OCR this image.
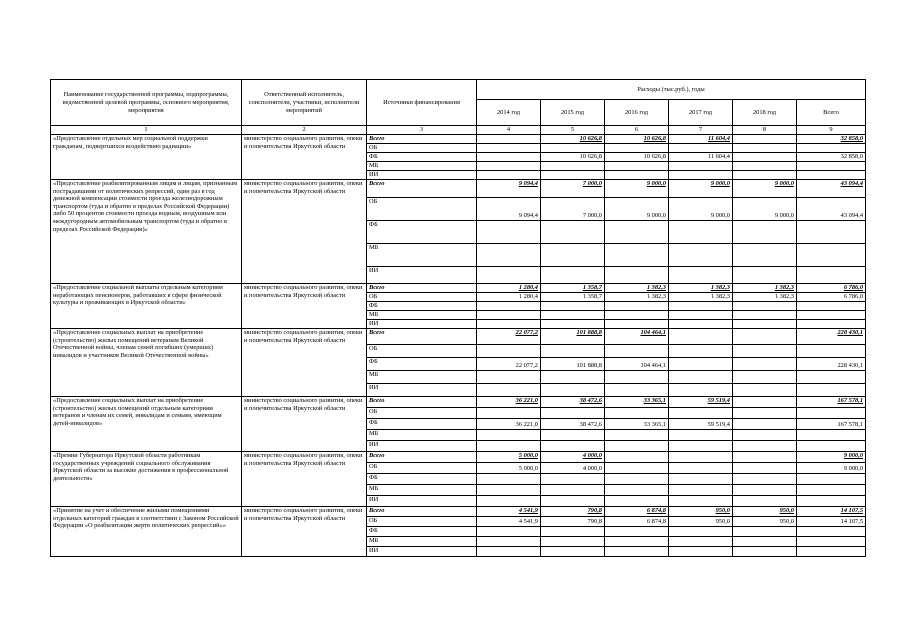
Наименование государственной программы, подпрограммы, ведомственной целевой программы, основного мероприятия, мероприятия	Ответственный исполнитель, соисполнители, участники, исполнители мероприятий	Источники финансирования	Расходы (тыс.руб.), годы					
			2014 год	2015 год	2016 год	2017 год	2018 год	Всего
1	2	3	4	5	6	7	8	9
«Предоставление отдельных мер социальной поддержки гражданам, подвергшихся воздействию радиации»	министерство социального развития, опеки и попечительства Иркутской области	Всего		10 626,8	10 626,8	11 604,4		32 858,0
		ОБ						
		ФБ		10 626,8	10 626,8	11 604,4		32 858,0
		МБ						
		ИИ						
«Предоставление реабилитированным лицам и лицам, признанным пострадавшими от политических репрессий, один раз в год денежной компенсации стоимости проезда железнодорожным транспортом (туда и обратно в пределах Российской Федерации) либо 50 процентов стоимости проезда водным, воздушным или междугородным автомобильным транспортом (туда и обратно в пределах Российской Федерации)»	министерство социального развития, опеки и попечительства Иркутской области	Всего	9 094,4	7 000,0	9 000,0	9 000,0	9 000,0	43 094,4
		ОБ	9 094,4	7 000,0	9 000,0	9 000,0	9 000,0	43 094,4
		ФБ						
		МБ						
		ИИ						
«Предоставление социальной выплаты отдельным категориям неработающих пенсионеров, работавших в сфере физической культуры и проживающих в Иркутской области»	министерство социального развития, опеки и попечительства Иркутской области	Всего	1 280,4	1 358,7	1 382,3	1 382,3	1 382,3	6 786,0
		ОБ	1 280,4	1 358,7	1 382,3	1 382,3	1 382,3	6 786,0
		ФБ						
		МБ						
		ИИ						
«Предоставление социальных выплат на приобретение (строительство) жилых помещений ветеранам Великой Отечественной войны, членам семей погибших (умерших) инвалидов и участников Великой Отечественной войны»	министерство социального развития, опеки и попечительства Иркутской области	Всего	22 077,2	101 888,8	104 464,1			228 430,1
		ОБ						
		ФБ	22 077,2	101 888,8	104 464,1			228 430,1
		МБ						
		ИИ						
«Предоставление социальных выплат на приобретение (строительство) жилых помещений отдельным категориям ветеранов и членам их семей, инвалидам и семьям, имеющим детей-инвалидов»	министерство социального развития, опеки и попечительства Иркутской области	Всего	36 221,0	38 472,6	33 365,1	59 519,4		167 578,1
		ОБ						
		ФБ	36 221,0	38 472,6	33 365,1	59 519,4		167 578,1
		МБ						
		ИИ						
«Премии Губернатора Иркутской области работникам государственных учреждений социального обслуживания Иркутской области за высокие достижения в профессиональной деятельности»	министерство социального развития, опеки и попечительства Иркутской области	Всего	5 000,0	4 000,0				9 000,0
		ОБ	5 000,0	4 000,0				9 000,0
		ФБ						
		МБ						
		ИИ						
«Принятие на учет и обеспечение жилыми помещениями отдельных категорий граждан в соответствии с Законом Российской Федерации «О реабилитации жертв политических репрессий»»	министерство социального развития, опеки и попечительства Иркутской области	Всего	4 541,9	790,8	6 874,8	950,0	950,0	14 107,5
		ОБ	4 541,9	790,8	6 874,8	950,0	950,0	14 107,5
		ФБ						
		МБ						
		ИИ						
